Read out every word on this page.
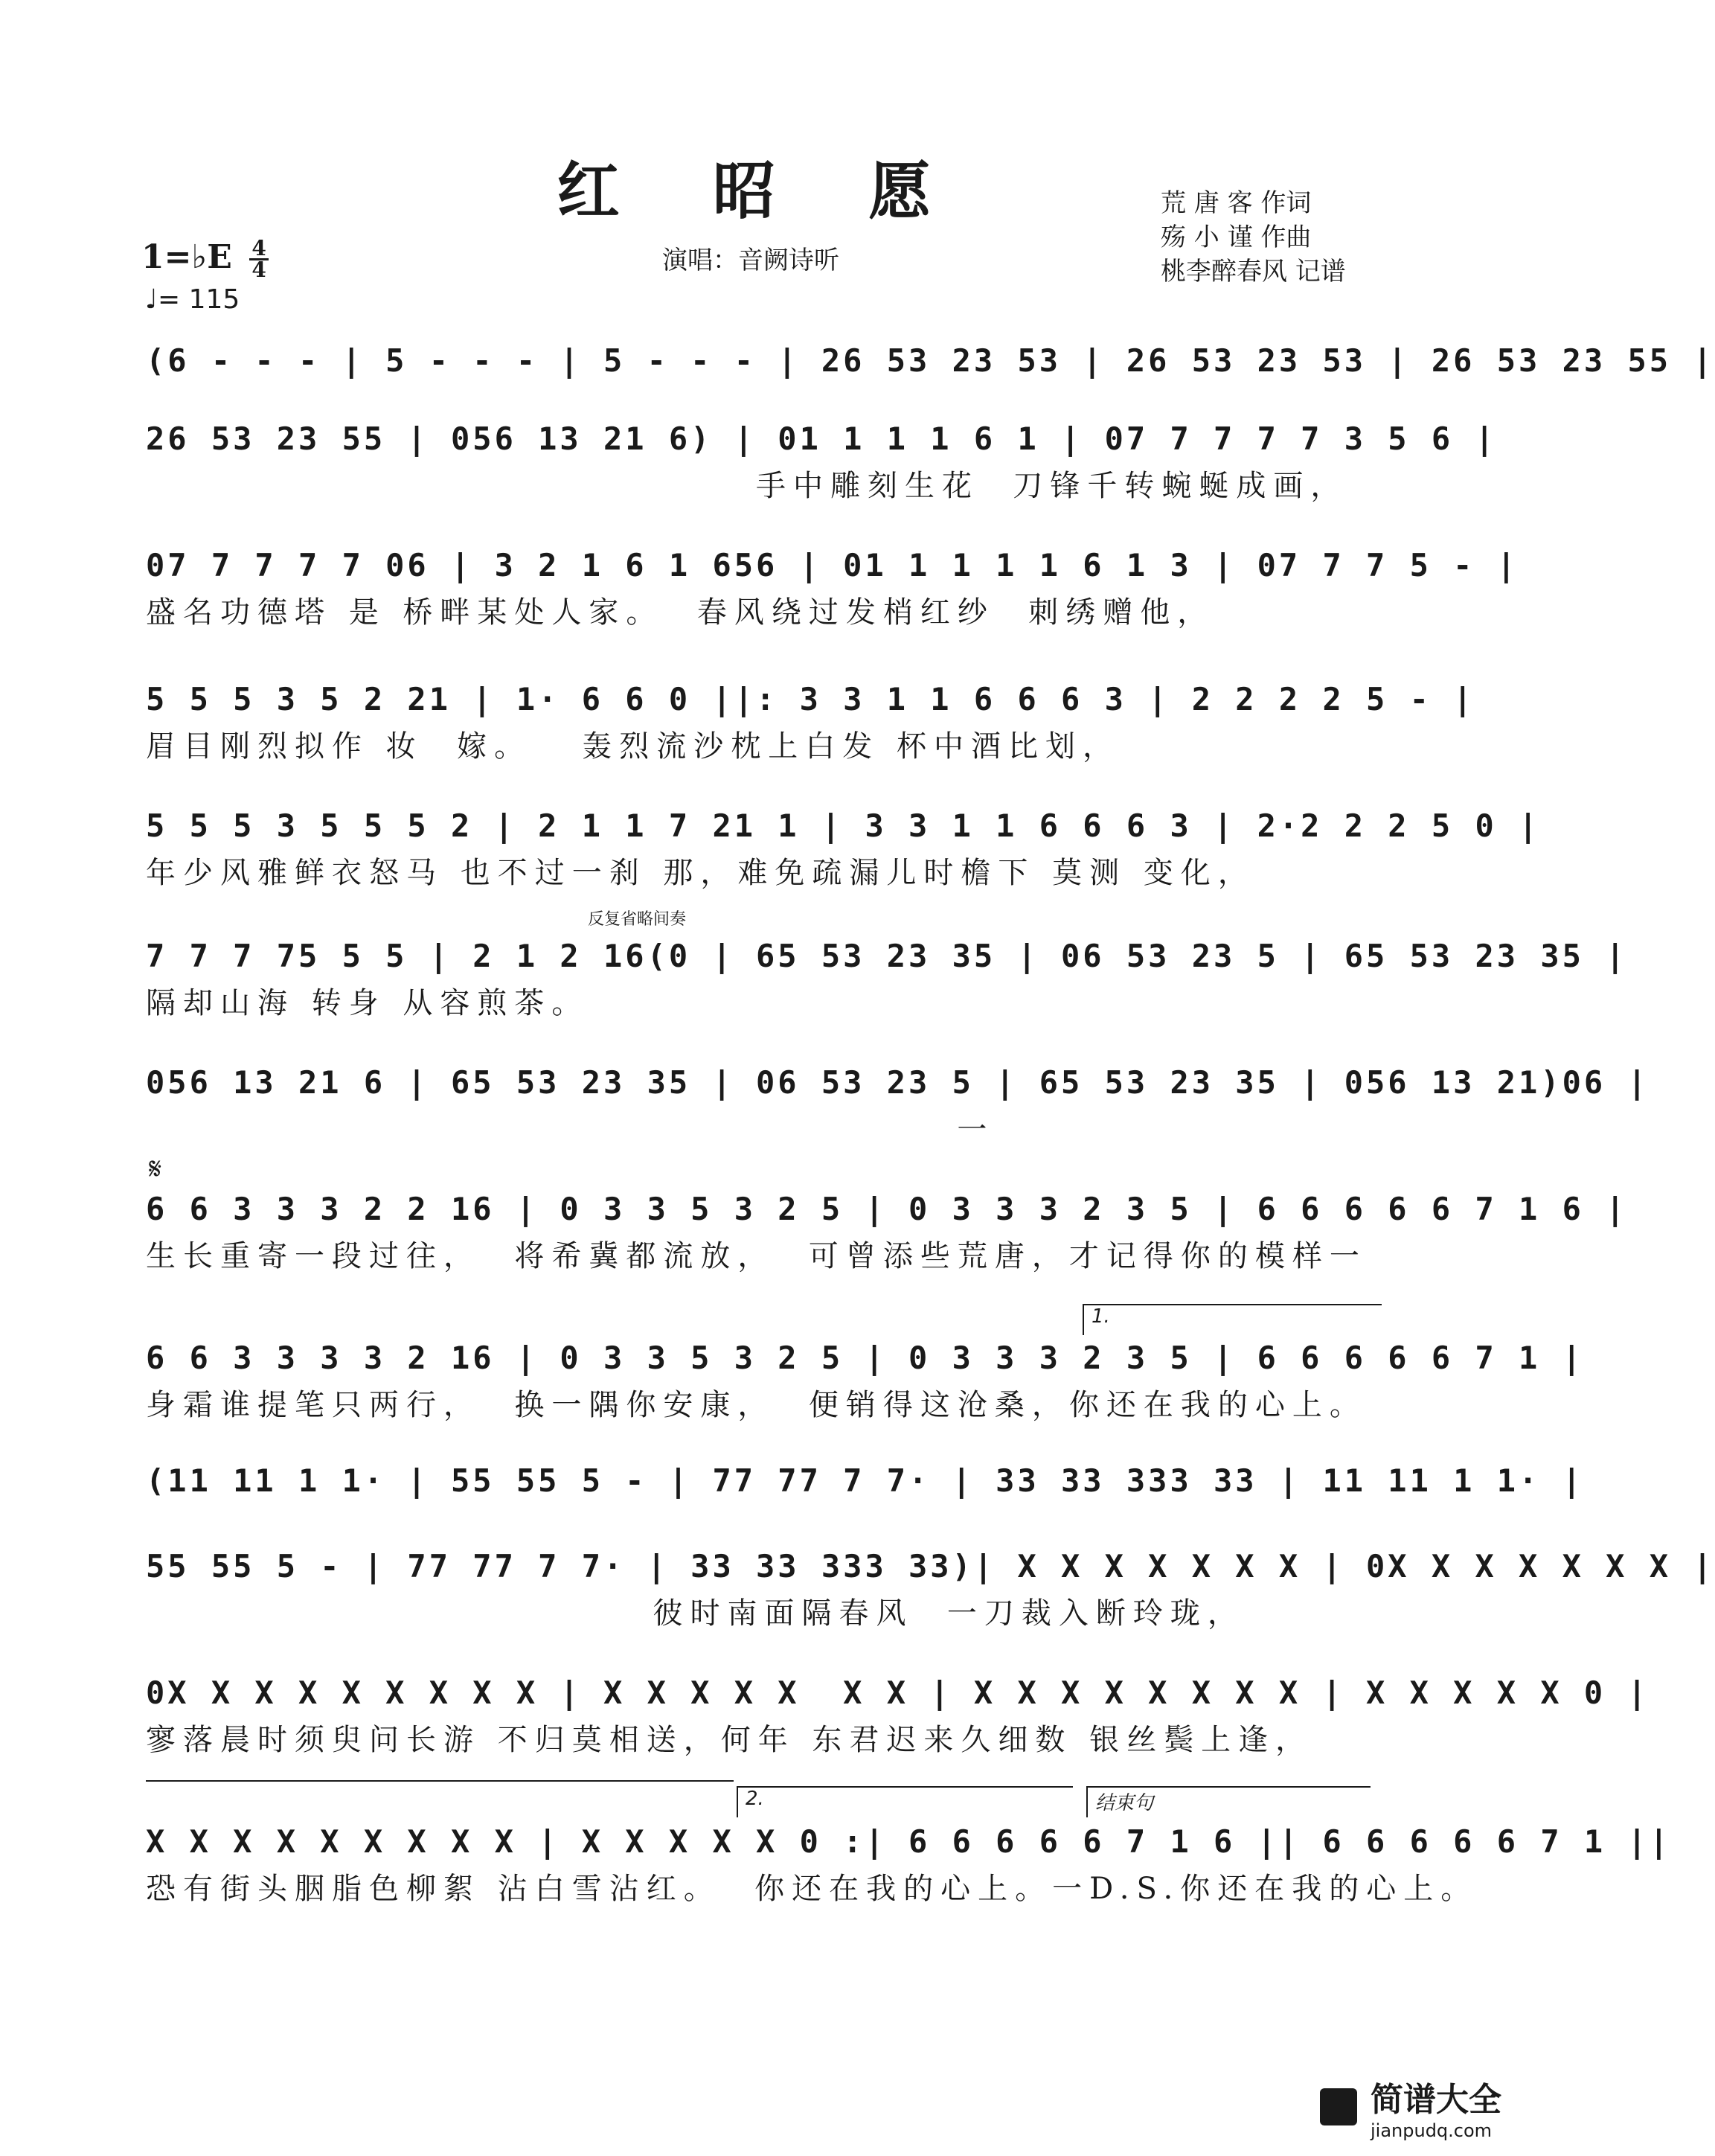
红 昭 愿	荒 唐 客 作词
殇 小 谨 作曲
桃李醉春风 记谱
演唱：音阙诗听
1=♭E $\frac{4}{4}$
♩= 115
(6 - - - | 5 - - - | 5 - - - | 26 53 23 53 | 26 53 23 53 | 26 53 23 55 |
26 53 23 55 | 056 13 21 6) | 01 1 1 1 6 1 | 07 7 7 7 7 3 5 6 |
手中雕刻生花  刀锋千转蜿蜒成画，
07 7 7 7 7 06 | 3 2 1 6 1 656 | 01 1 1 1 1 6 1 3 | 07 7 7 5 - |
盛名功德塔 是 桥畔某处人家。  春风绕过发梢红纱  刺绣赠他，
5 5 5 3 5 2 21 | 1· 6 6 0 ||: 3 3 1 1 6 6 6 3 | 2 2 2 2 5 - |
眉目刚烈拟作 妆  嫁。   轰烈流沙枕上白发 杯中酒比划，
5 5 5 3 5 5 5 2 | 2 1 1 7 21 1 | 3 3 1 1 6 6 6 3 | 2·2 2 2 5 0 |
年少风雅鲜衣怒马 也不过一刹 那，难免疏漏儿时檐下 莫测 变化，
反复省略间奏
7 7 7 75 5 5 | 2 1 2 16(0 | 65 53 23 35 | 06 53 23 5 | 65 53 23 35 |
隔却山海 转身 从容煎茶。
056 13 21 6 | 65 53 23 35 | 06 53 23 5 | 65 53 23 35 | 056 13 21)06 |
一
𝄋
6 6 3 3 3 2 2 16 | 0 3 3 5 3 2 5 | 0 3 3 3 2 3 5 | 6 6 6 6 6 7 1 6 |
生长重寄一段过往，  将希冀都流放，  可曾添些荒唐，才记得你的模样一
1.
6 6 3 3 3 3 2 16 | 0 3 3 5 3 2 5 | 0 3 3 3 2 3 5 | 6 6 6 6 6 7 1 |
身霜谁提笔只两行，  换一隅你安康，  便销得这沧桑，你还在我的心上。
(11 11 1 1· | 55 55 5 - | 77 77 7 7· | 33 33 333 33 | 11 11 1 1· |
55 55 5 - | 77 77 7 7· | 33 33 333 33)| X X X X X X X | 0X X X X X X X |
彼时南面隔春风  一刀裁入断玲珑，
0X X X X X X X X X | X X X X X  X X | X X X X X X X X | X X X X X 0 |
寥落晨时须臾问长游 不归莫相送，何年 东君迟来久细数 银丝鬓上逢，
2.	结束句
X X X X X X X X X | X X X X X 0 :| 6 6 6 6 6 7 1 6 || 6 6 6 6 6 7 1 ||
恐有街头胭脂色柳絮 沾白雪沾红。  你还在我的心上。一D.S.你还在我的心上。

简谱大全
jianpudq.com
